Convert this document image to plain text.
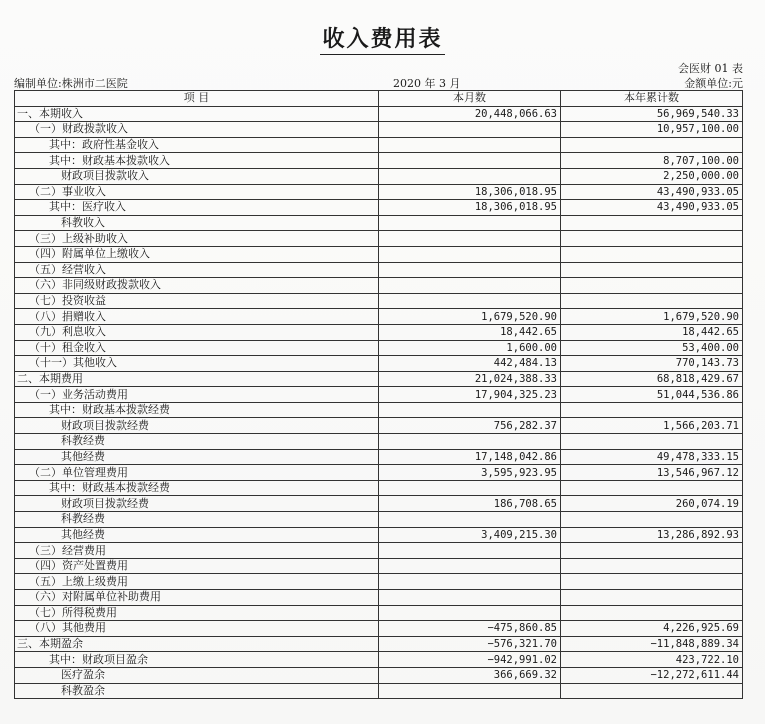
收入费用表
会医财 01 表
编制单位:株洲市二医院	2020 年 3 月	金额单位:元
项 目	本月数	本年累计数
一、本期收入	20,448,066.63	56,969,540.33
（一）财政拨款收入		10,957,100.00
其中：政府性基金收入		
其中：财政基本拨款收入		8,707,100.00
财政项目拨款收入		2,250,000.00
（二）事业收入	18,306,018.95	43,490,933.05
其中：医疗收入	18,306,018.95	43,490,933.05
科教收入		
（三）上级补助收入		
（四）附属单位上缴收入		
（五）经营收入		
（六）非同级财政拨款收入		
（七）投资收益		
（八）捐赠收入	1,679,520.90	1,679,520.90
（九）利息收入	18,442.65	18,442.65
（十）租金收入	1,600.00	53,400.00
（十一）其他收入	442,484.13	770,143.73
二、本期费用	21,024,388.33	68,818,429.67
（一）业务活动费用	17,904,325.23	51,044,536.86
其中：财政基本拨款经费		
财政项目拨款经费	756,282.37	1,566,203.71
科教经费		
其他经费	17,148,042.86	49,478,333.15
（二）单位管理费用	3,595,923.95	13,546,967.12
其中：财政基本拨款经费		
财政项目拨款经费	186,708.65	260,074.19
科教经费		
其他经费	3,409,215.30	13,286,892.93
（三）经营费用		
（四）资产处置费用		
（五）上缴上级费用		
（六）对附属单位补助费用		
（七）所得税费用		
（八）其他费用	−475,860.85	4,226,925.69
三、本期盈余	−576,321.70	−11,848,889.34
其中：财政项目盈余	−942,991.02	423,722.10
医疗盈余	366,669.32	−12,272,611.44
科教盈余		
